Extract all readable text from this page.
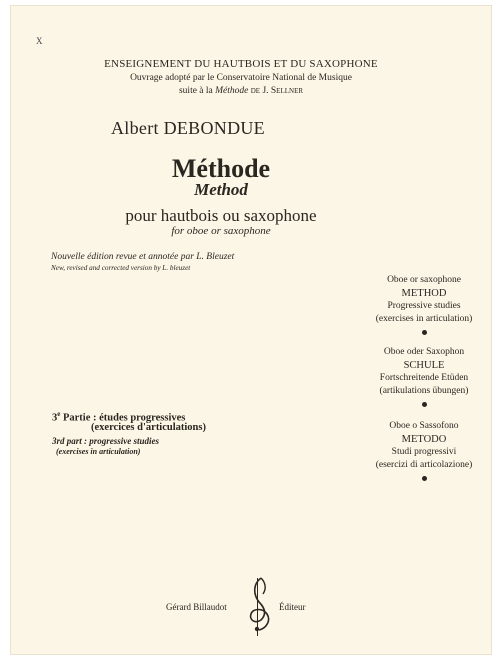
X
ENSEIGNEMENT DU HAUTBOIS ET DU SAXOPHONE
Ouvrage adopté par le Conservatoire National de Musique
suite à la Méthode de J. Sellner
Albert DEBONDUE
Méthode
Method
pour hautbois ou saxophone
for oboe or saxophone
Nouvelle édition revue et annotée par L. Bleuzet
New, revised and corrected version by L. bleuzet
3e Partie : études progressives
(exercices d'articulations)
3rd part : progressive studies
(exercises in articulation)
Oboe or saxophone
METHOD
Progressive studies
(exercises in articulation)
Oboe oder Saxophon
SCHULE
Fortschreitende Etüden
(artikulations übungen)
Oboe o Sassofono
METODO
Studi progressivi
(esercizi di articolazione)
Gérard Billaudot	Éditeur
